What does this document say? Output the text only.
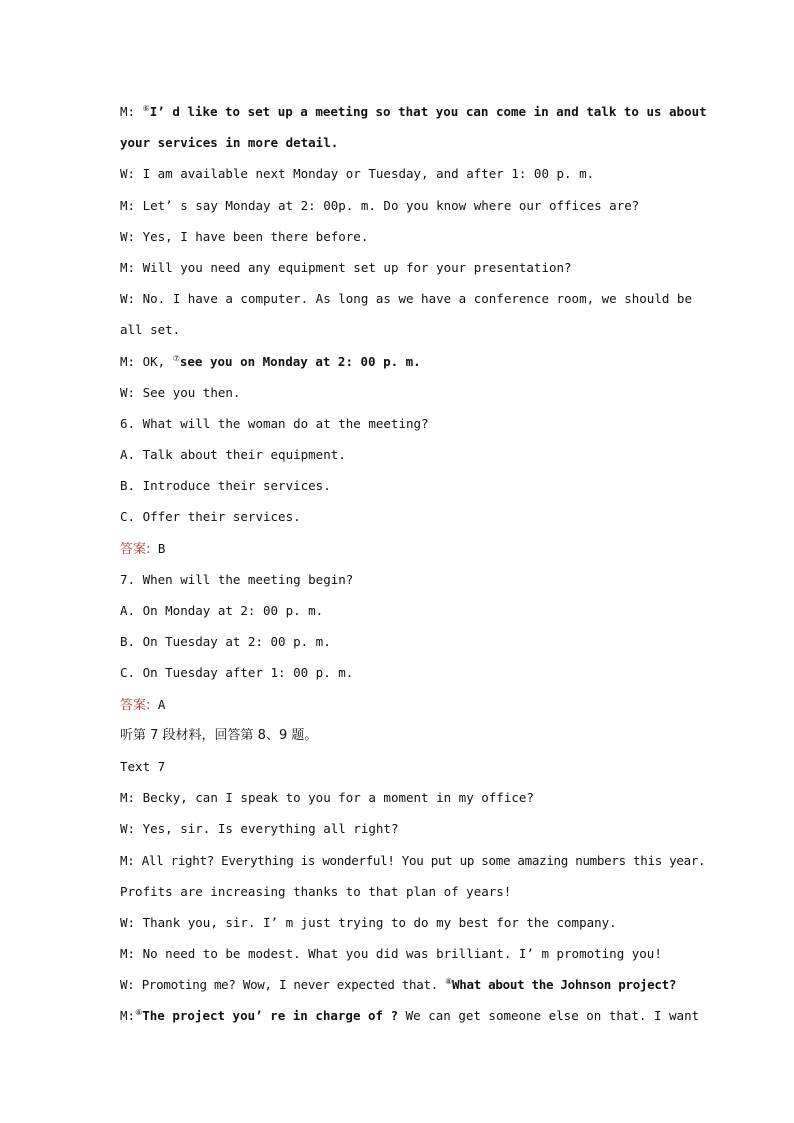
M: ⑥I’ d like to set up a meeting so that you can come in and talk to us about
your services in more detail.
W: I am available next Monday or Tuesday, and after 1: 00 p. m.
M: Let’ s say Monday at 2: 00p. m. Do you know where our offices are?
W: Yes, I have been there before.
M: Will you need any equipment set up for your presentation?
W: No. I have a computer. As long as we have a conference room, we should be
all set.
M: OK, ⑦see you on Monday at 2: 00 p. m.
W: See you then.
6. What will the woman do at the meeting?
A. Talk about their equipment.
B. Introduce their services.
C. Offer their services.
答案: B
7. When will the meeting begin?
A. On Monday at 2: 00 p. m.
B. On Tuesday at 2: 00 p. m.
C. On Tuesday after 1: 00 p. m.
答案: A
听第 7 段材料，回答第 8、9 题。
Text 7
M: Becky, can I speak to you for a moment in my office?
W: Yes, sir. Is everything all right?
M: All right? Everything is wonderful! You put up some amazing numbers this year.
Profits are increasing thanks to that plan of years!
W: Thank you, sir. I’ m just trying to do my best for the company.
M: No need to be modest. What you did was brilliant. I’ m promoting you!
W: Promoting me? Wow, I never expected that. ⑧What about the Johnson project?
M:⑧The project you’ re in charge of ? We can get someone else on that. I want
